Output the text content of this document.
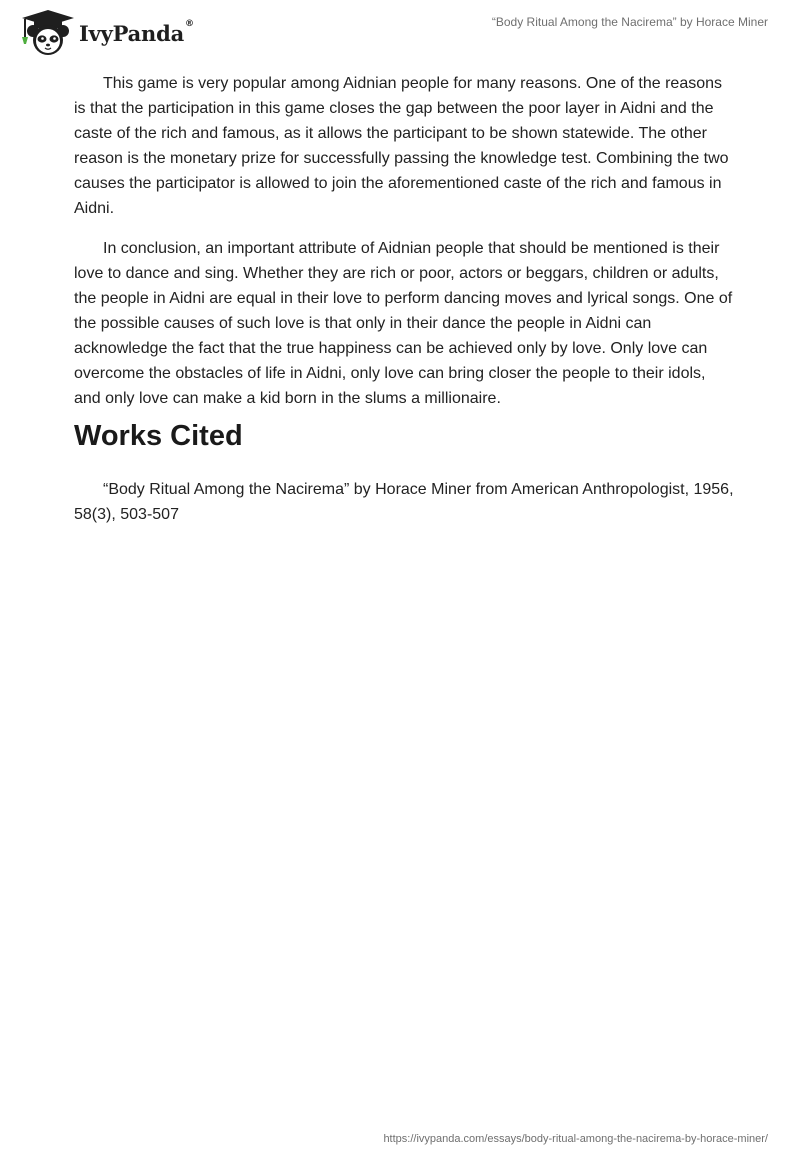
IvyPanda®	“Body Ritual Among the Nacirema” by Horace Miner

This game is very popular among Aidnian people for many reasons. One of the reasons is that the participation in this game closes the gap between the poor layer in Aidni and the caste of the rich and famous, as it allows the participant to be shown statewide. The other reason is the monetary prize for successfully passing the knowledge test. Combining the two causes the participator is allowed to join the aforementioned caste of the rich and famous in Aidni.

In conclusion, an important attribute of Aidnian people that should be mentioned is their love to dance and sing. Whether they are rich or poor, actors or beggars, children or adults, the people in Aidni are equal in their love to perform dancing moves and lyrical songs. One of the possible causes of such love is that only in their dance the people in Aidni can acknowledge the fact that the true happiness can be achieved only by love. Only love can overcome the obstacles of life in Aidni, only love can bring closer the people to their idols, and only love can make a kid born in the slums a millionaire.

Works Cited

“Body Ritual Among the Nacirema” by Horace Miner from American Anthropologist, 1956, 58(3), 503-507

https://ivypanda.com/essays/body-ritual-among-the-nacirema-by-horace-miner/
